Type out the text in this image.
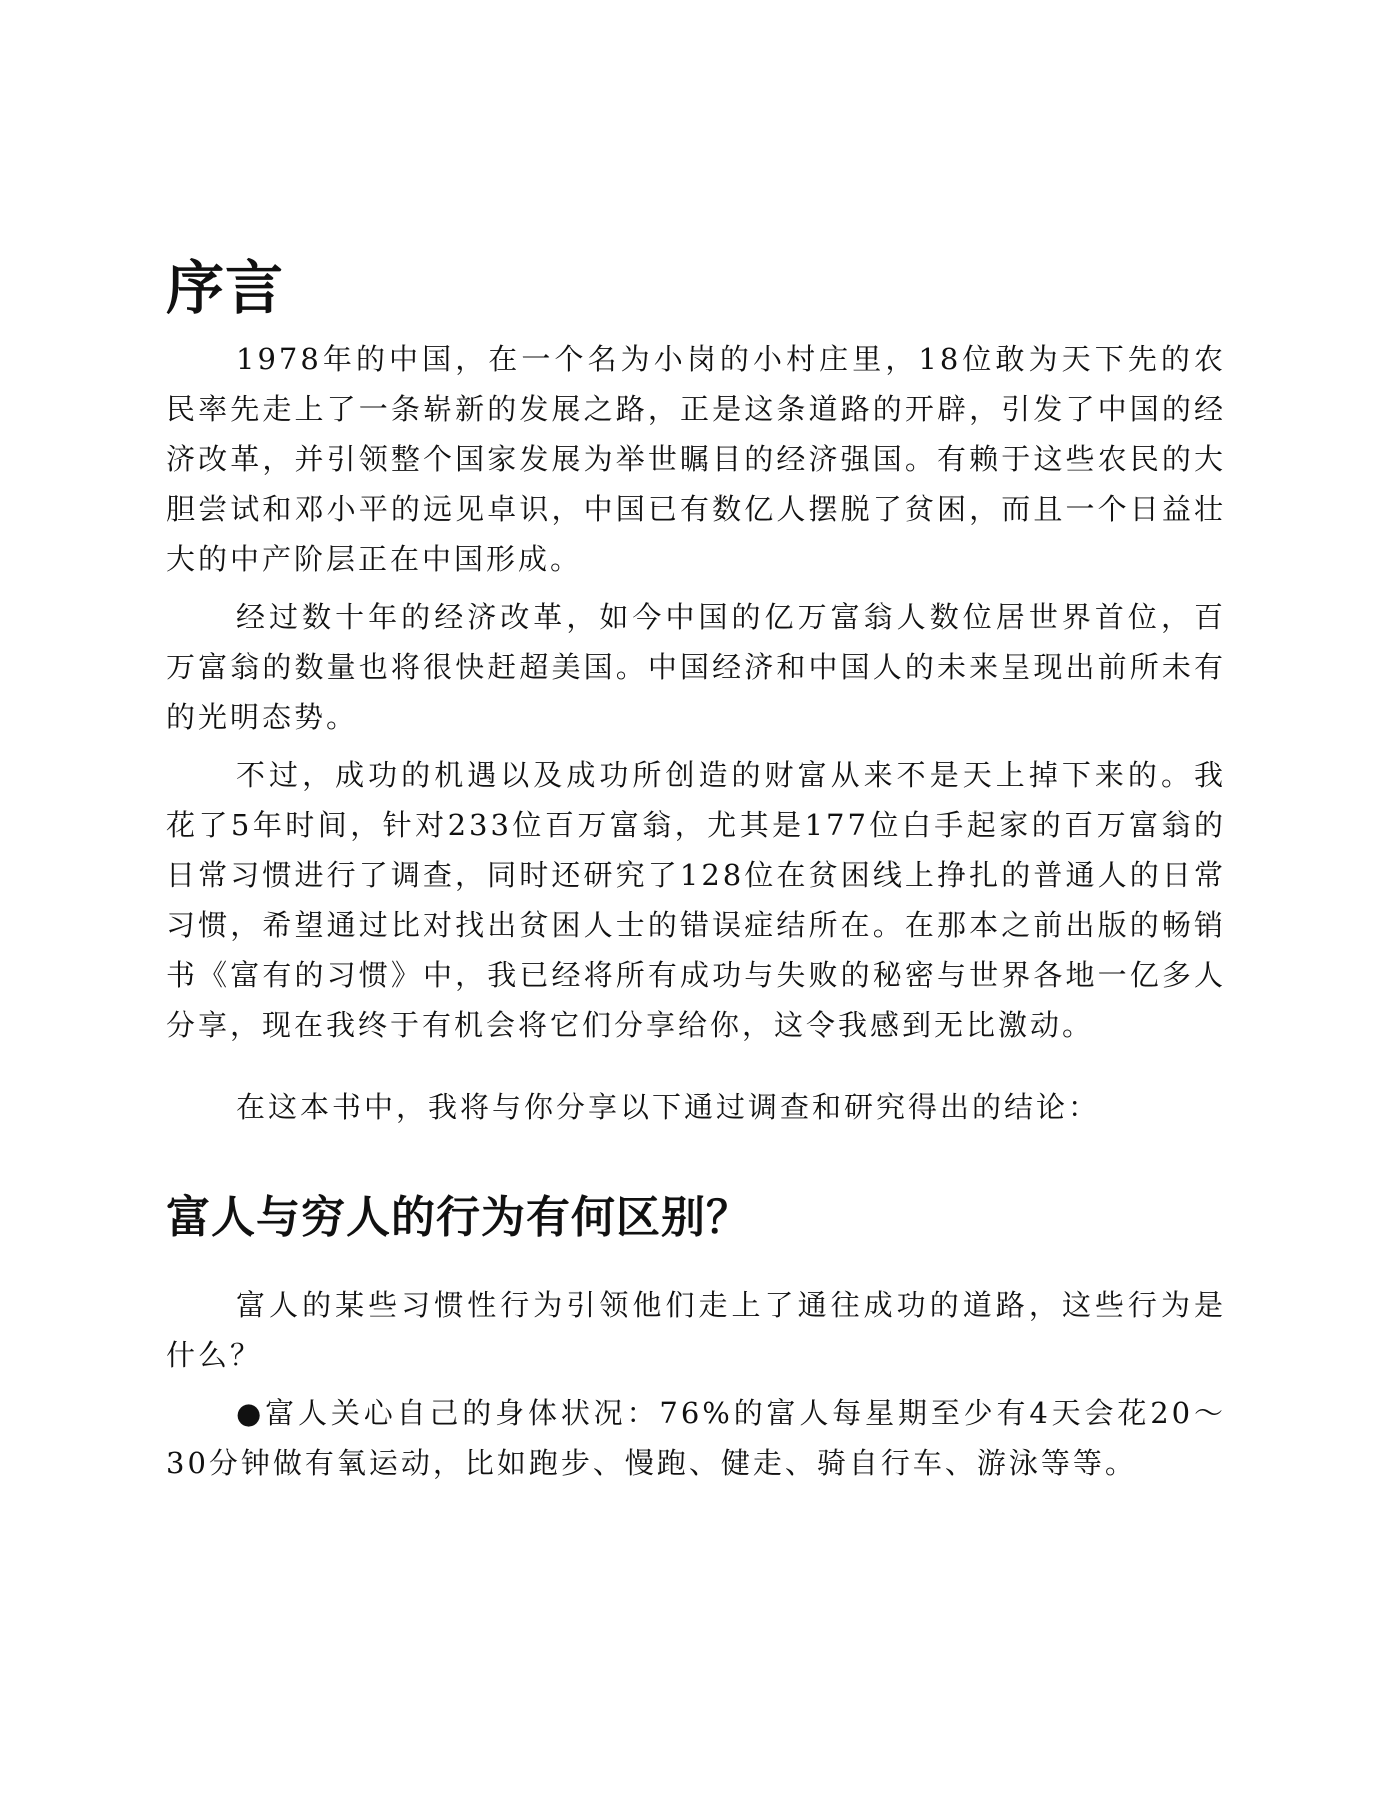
序言

1978年的中国，在一个名为小岗的小村庄里，18位敢为天下先的农民率先走上了一条崭新的发展之路，正是这条道路的开辟，引发了中国的经济改革，并引领整个国家发展为举世瞩目的经济强国。有赖于这些农民的大胆尝试和邓小平的远见卓识，中国已有数亿人摆脱了贫困，而且一个日益壮大的中产阶层正在中国形成。

经过数十年的经济改革，如今中国的亿万富翁人数位居世界首位，百万富翁的数量也将很快赶超美国。中国经济和中国人的未来呈现出前所未有的光明态势。

不过，成功的机遇以及成功所创造的财富从来不是天上掉下来的。我花了5年时间，针对233位百万富翁，尤其是177位白手起家的百万富翁的日常习惯进行了调查，同时还研究了128位在贫困线上挣扎的普通人的日常习惯，希望通过比对找出贫困人士的错误症结所在。在那本之前出版的畅销书《富有的习惯》中，我已经将所有成功与失败的秘密与世界各地一亿多人分享，现在我终于有机会将它们分享给你，这令我感到无比激动。

在这本书中，我将与你分享以下通过调查和研究得出的结论：

富人与穷人的行为有何区别？

富人的某些习惯性行为引领他们走上了通往成功的道路，这些行为是什么？

●富人关心自己的身体状况：76%的富人每星期至少有4天会花20～30分钟做有氧运动，比如跑步、慢跑、健走、骑自行车、游泳等等。
